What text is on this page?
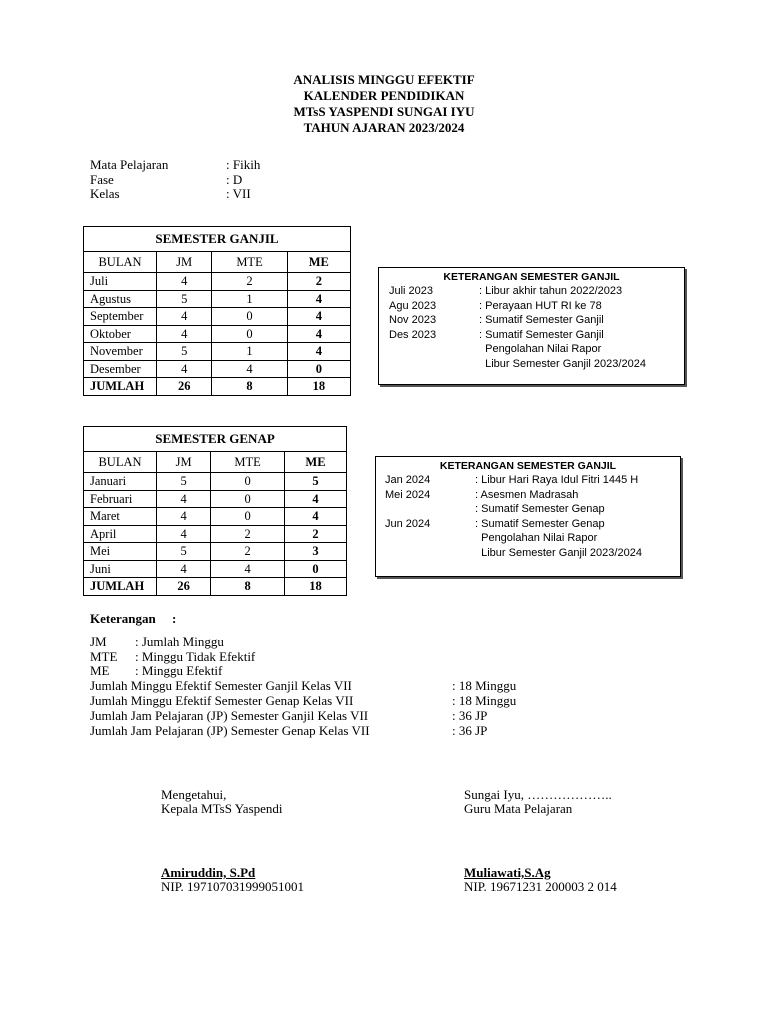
ANALISIS MINGGU EFEKTIF
KALENDER PENDIDIKAN
MTsS YASPENDI SUNGAI IYU
TAHUN AJARAN 2023/2024
Mata Pelajaran	: Fikih
Fase	: D
Kelas	: VII
SEMESTER GANJIL			
BULAN	JM	MTE	ME
Juli	4	2	2
Agustus	5	1	4
September	4	0	4
Oktober	4	0	4
November	5	1	4
Desember	4	4	0
JUMLAH	26	8	18
KETERANGAN SEMESTER GANJIL
Juli 2023	: Libur akhir tahun 2022/2023
Agu 2023	: Perayaan HUT RI ke 78
Nov 2023	: Sumatif Semester Ganjil
Des 2023	: Sumatif Semester Ganjil
Pengolahan Nilai Rapor
Libur Semester Ganjil 2023/2024
SEMESTER GENAP			
BULAN	JM	MTE	ME
Januari	5	0	5
Februari	4	0	4
Maret	4	0	4
April	4	2	2
Mei	5	2	3
Juni	4	4	0
JUMLAH	26	8	18
KETERANGAN SEMESTER GANJIL
Jan 2024	: Libur Hari Raya Idul Fitri 1445 H
Mei 2024	: Asesmen Madrasah
: Sumatif Semester Genap
Jun 2024	: Sumatif Semester Genap
Pengolahan Nilai Rapor
Libur Semester Ganjil 2023/2024
Keterangan     :
JM	: Jumlah Minggu
MTE	: Minggu Tidak Efektif
ME	: Minggu Efektif
Jumlah Minggu Efektif Semester Ganjil Kelas VII	: 18 Minggu
Jumlah Minggu Efektif Semester Genap Kelas VII	: 18 Minggu
Jumlah Jam Pelajaran (JP) Semester Ganjil Kelas VII	: 36 JP
Jumlah Jam Pelajaran (JP) Semester Genap Kelas VII	: 36 JP
Mengetahui,
Kepala MTsS Yaspendi
Amiruddin, S.Pd
NIP. 197107031999051001
Sungai Iyu, ………………..
Guru Mata Pelajaran
Muliawati,S.Ag
NIP. 19671231 200003 2 014
